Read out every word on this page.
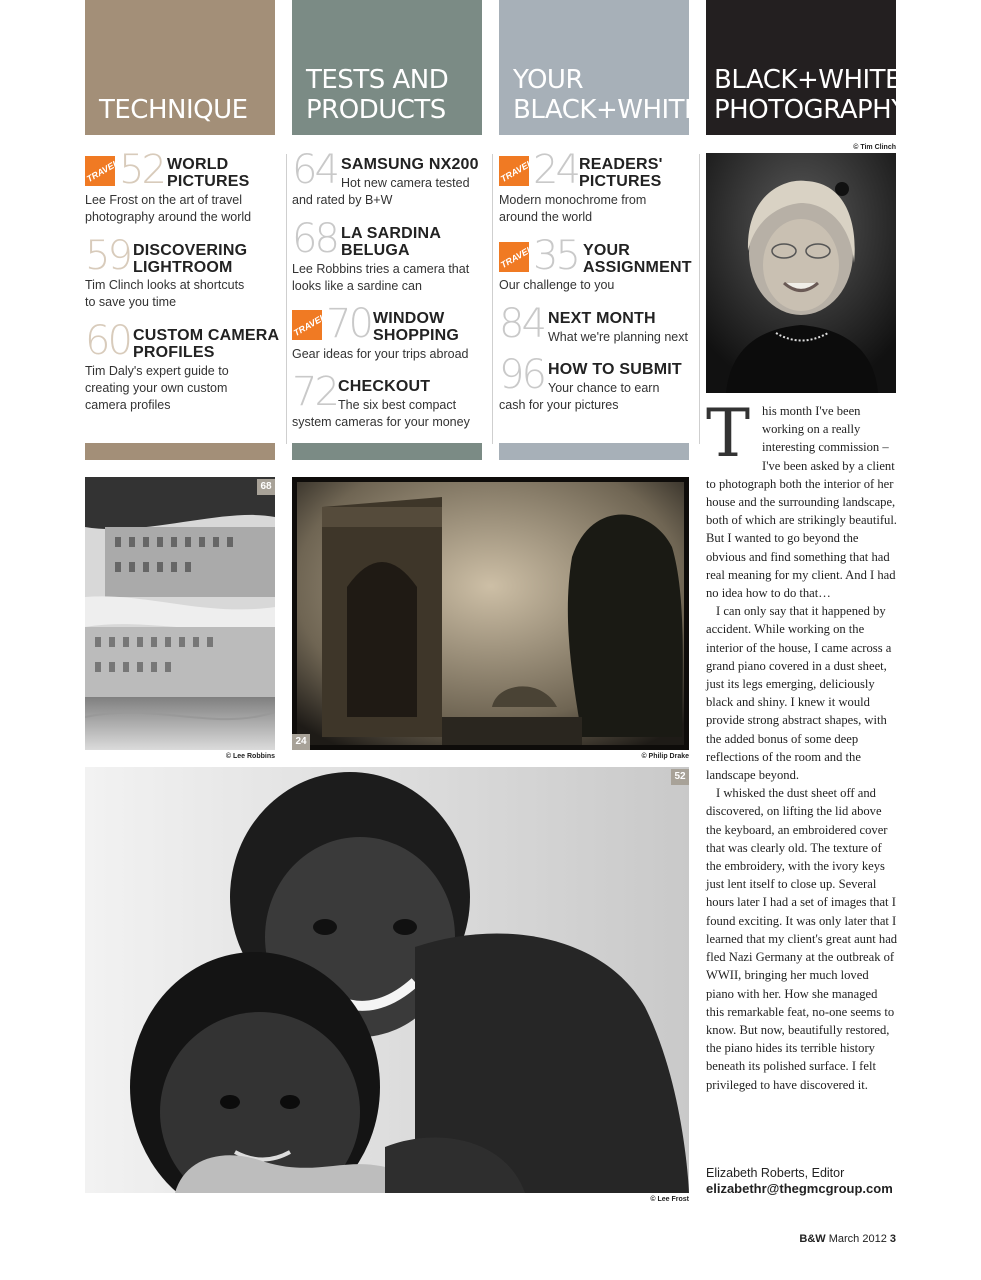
TECHNIQUE
TESTS AND
PRODUCTS
YOUR
BLACK+WHITE
BLACK+WHITE
PHOTOGRAPHY
TRAVEL
52 WORLD
PICTURES
Lee Frost on the art of travel
photography around the world
59 DISCOVERING
LIGHTROOM
Tim Clinch looks at shortcuts
to save you time
60 CUSTOM CAMERA
PROFILES
Tim Daly's expert guide to
creating your own custom
camera profiles
64 SAMSUNG NX200
Hot new camera tested
and rated by B+W
68 LA SARDINA
BELUGA
Lee Robbins tries a camera that
looks like a sardine can
TRAVEL
70 WINDOW
SHOPPING
Gear ideas for your trips abroad
72 CHECKOUT
The six best compact
system cameras for your money
TRAVEL
24 READERS'
PICTURES
Modern monochrome from
around the world
TRAVEL
35 YOUR
ASSIGNMENT
Our challenge to you
84 NEXT MONTH
What we're planning next
96 HOW TO SUBMIT
Your chance to earn
cash for your pictures
© Tim Clinch
68
© Lee Robbins
24
© Philip Drake
52
© Lee Frost
T his month I've been working on a really interesting commission – I've been asked by a client to photograph both the interior of her house and the surrounding landscape, both of which are strikingly beautiful. But I wanted to go beyond the obvious and find something that had real meaning for my client. And I had no idea how to do that…

I can only say that it happened by accident. While working on the interior of the house, I came across a grand piano covered in a dust sheet, just its legs emerging, deliciously black and shiny. I knew it would provide strong abstract shapes, with the added bonus of some deep reflections of the room and the landscape beyond.

I whisked the dust sheet off and discovered, on lifting the lid above the keyboard, an embroidered cover that was clearly old. The texture of the embroidery, with the ivory keys just lent itself to close up. Several hours later I had a set of images that I found exciting. It was only later that I learned that my client's great aunt had fled Nazi Germany at the outbreak of WWII, bringing her much loved piano with her. How she managed this remarkable feat, no-one seems to know. But now, beautifully restored, the piano hides its terrible history beneath its polished surface. I felt privileged to have discovered it.

Elizabeth Roberts, Editor
elizabethr@thegmcgroup.com
B&W March 2012 3
